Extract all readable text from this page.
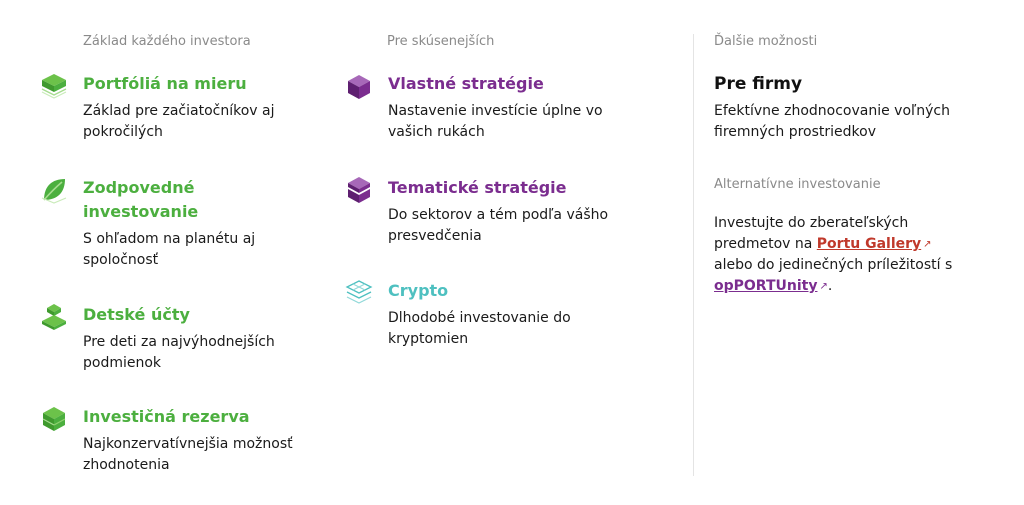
Základ každého investora
Portfóliá na mieru
Základ pre začiatočníkov aj pokročilých
Zodpovedné investovanie
S ohľadom na planétu aj spoločnosť
Detské účty
Pre deti za najvýhodnejších podmienok
Investičná rezerva
Najkonzervatívnejšia možnosť zhodnotenia
Pre skúsenejších
Vlastné stratégie
Nastavenie investície úplne vo vašich rukách
Tematické stratégie
Do sektorov a tém podľa vášho presvedčenia
Crypto
Dlhodobé investovanie do kryptomien
Ďalšie možnosti
Pre firmy
Efektívne zhodnocovanie voľných firemných prostriedkov
Alternatívne investovanie
Investujte do zberateľských predmetov na Portu Gallery ↗ alebo do jedinečných príležitostí s opPORTUnity ↗.
